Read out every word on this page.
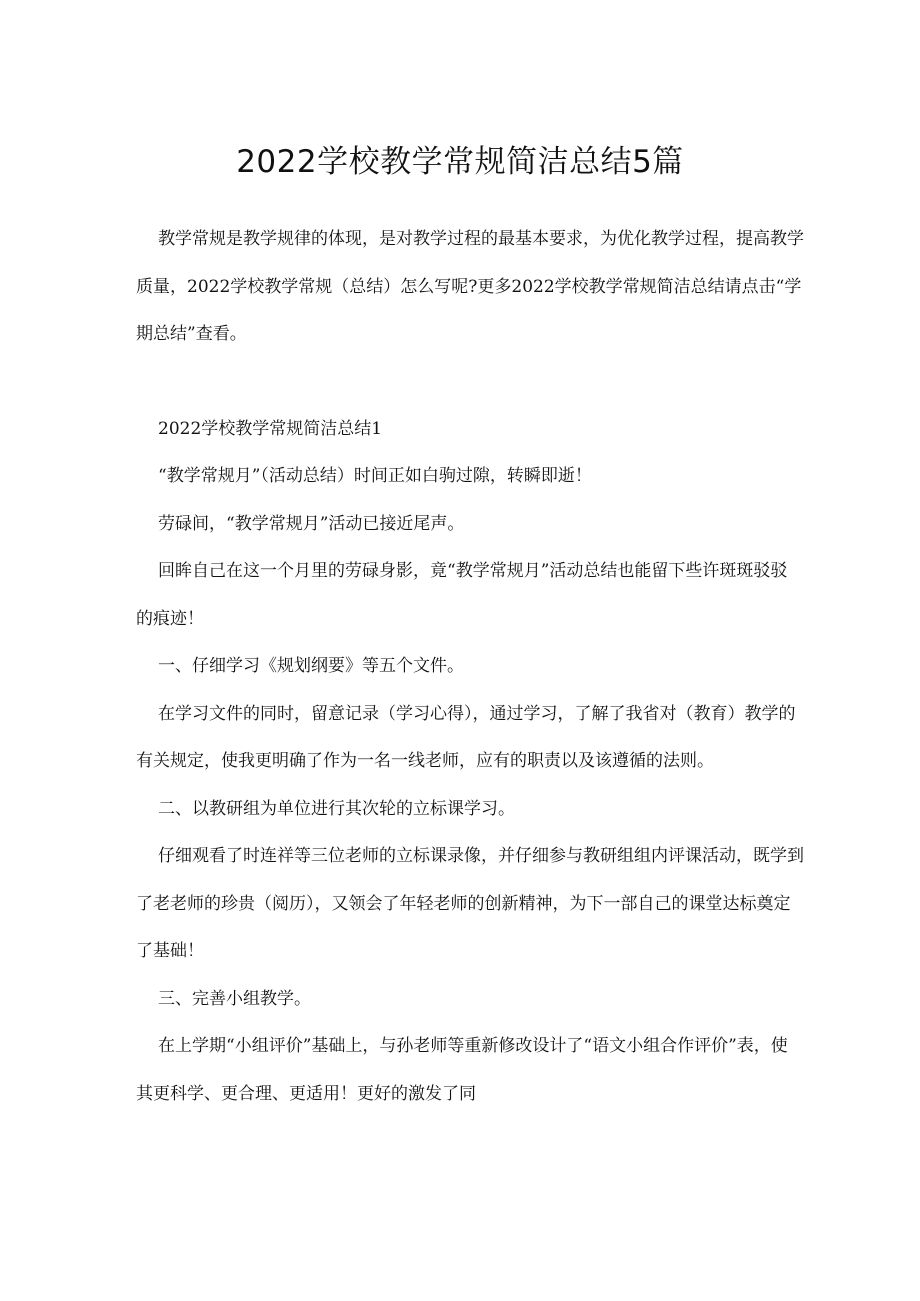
2022学校教学常规简洁总结5篇

教学常规是教学规律的体现，是对教学过程的最基本要求，为优化教学过程，提高教学质量，2022学校教学常规（总结）怎么写呢?更多2022学校教学常规简洁总结请点击“学期总结”查看。

2022学校教学常规简洁总结1

“教学常规月”（活动总结）时间正如白驹过隙，转瞬即逝！

劳碌间，“教学常规月”活动已接近尾声。

回眸自己在这一个月里的劳碌身影，竟“教学常规月”活动总结也能留下些许斑斑驳驳的痕迹！

一、仔细学习《规划纲要》等五个文件。

在学习文件的同时，留意记录（学习心得），通过学习，了解了我省对（教育）教学的有关规定，使我更明确了作为一名一线老师，应有的职责以及该遵循的法则。

二、以教研组为单位进行其次轮的立标课学习。

仔细观看了时连祥等三位老师的立标课录像，并仔细参与教研组组内评课活动，既学到了老老师的珍贵（阅历），又领会了年轻老师的创新精神，为下一部自己的课堂达标奠定了基础！

三、完善小组教学。

在上学期“小组评价”基础上，与孙老师等重新修改设计了“语文小组合作评价”表，使其更科学、更合理、更适用！更好的激发了同
